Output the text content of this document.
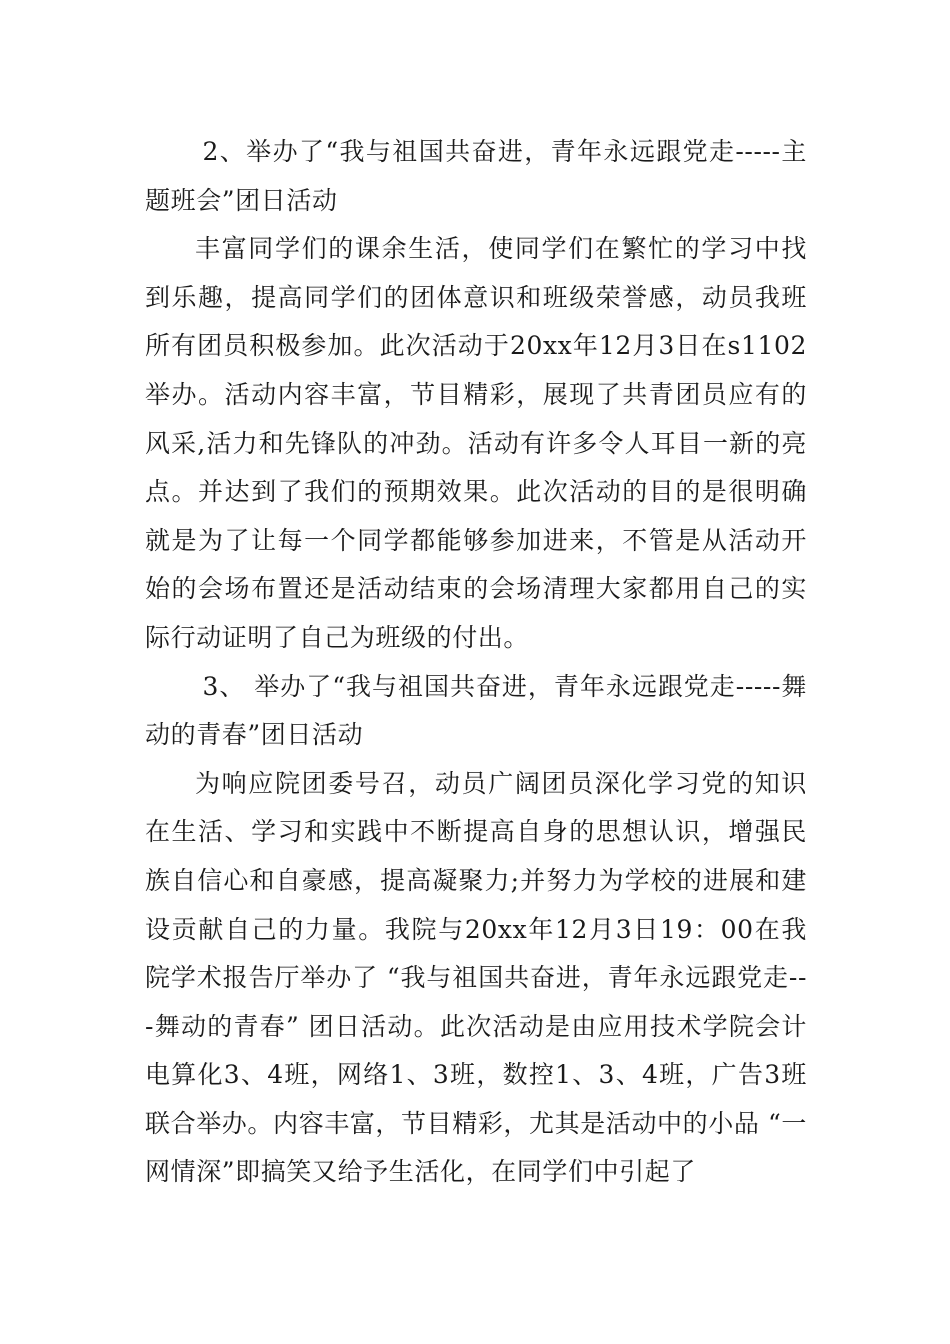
2、举办了“我与祖国共奋进，青年永远跟党走-----主题班会”团日活动

丰富同学们的课余生活，使同学们在繁忙的学习中找到乐趣，提高同学们的团体意识和班级荣誉感，动员我班所有团员积极参加。此次活动于20xx年12月3日在s1102举办。活动内容丰富，节目精彩，展现了共青团员应有的风采,活力和先锋队的冲劲。活动有许多令人耳目一新的亮点。并达到了我们的预期效果。此次活动的目的是很明确就是为了让每一个同学都能够参加进来，不管是从活动开始的会场布置还是活动结束的会场清理大家都用自己的实际行动证明了自己为班级的付出。

3、 举办了“我与祖国共奋进，青年永远跟党走-----舞动的青春”团日活动

为响应院团委号召，动员广阔团员深化学习党的知识在生活、学习和实践中不断提高自身的思想认识，增强民族自信心和自豪感，提高凝聚力;并努力为学校的进展和建设贡献自己的力量。我院与20xx年12月3日19：00在我院学术报告厅举办了 “我与祖国共奋进，青年永远跟党走---舞动的青春” 团日活动。此次活动是由应用技术学院会计电算化3、4班，网络1、3班，数控1、3、4班，广告3班联合举办。内容丰富，节目精彩，尤其是活动中的小品 “一网情深”即搞笑又给予生活化，在同学们中引起了
